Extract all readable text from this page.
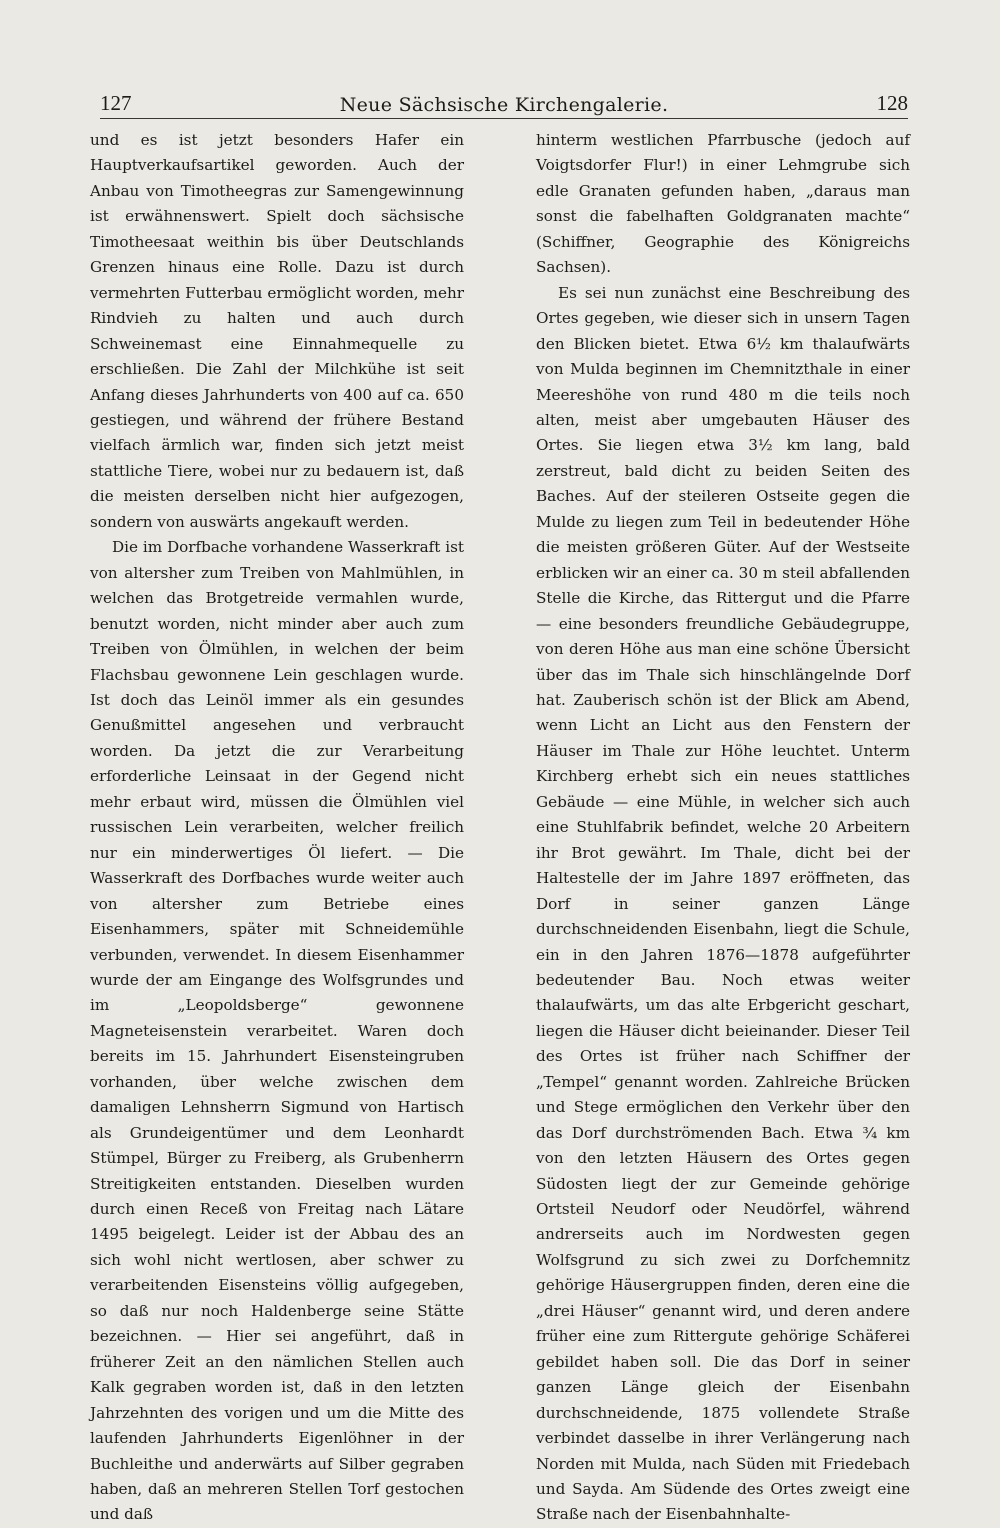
127	Neue Sächsische Kirchengalerie.	128

und es ist jetzt besonders Hafer ein Hauptverkaufsartikel geworden. Auch der Anbau von Timotheegras zur Samengewinnung ist erwähnenswert. Spielt doch sächsische Timotheesaat weithin bis über Deutschlands Grenzen hinaus eine Rolle. Dazu ist durch vermehrten Futterbau ermöglicht worden, mehr Rindvieh zu halten und auch durch Schweinemast eine Einnahmequelle zu erschließen. Die Zahl der Milchkühe ist seit Anfang dieses Jahrhunderts von 400 auf ca. 650 gestiegen, und während der frühere Bestand vielfach ärmlich war, finden sich jetzt meist stattliche Tiere, wobei nur zu bedauern ist, daß die meisten derselben nicht hier aufgezogen, sondern von auswärts angekauft werden.

Die im Dorfbache vorhandene Wasserkraft ist von altersher zum Treiben von Mahlmühlen, in welchen das Brotgetreide vermahlen wurde, benutzt worden, nicht minder aber auch zum Treiben von Ölmühlen, in welchen der beim Flachsbau gewonnene Lein geschlagen wurde. Ist doch das Leinöl immer als ein gesundes Genußmittel angesehen und verbraucht worden. Da jetzt die zur Verarbeitung erforderliche Leinsaat in der Gegend nicht mehr erbaut wird, müssen die Ölmühlen viel russischen Lein verarbeiten, welcher freilich nur ein minderwertiges Öl liefert. — Die Wasserkraft des Dorfbaches wurde weiter auch von altersher zum Betriebe eines Eisenhammers, später mit Schneidemühle verbunden, verwendet. In diesem Eisenhammer wurde der am Eingange des Wolfsgrundes und im „Leopoldsberge“ gewonnene Magneteisenstein verarbeitet. Waren doch bereits im 15. Jahrhundert Eisensteingruben vorhanden, über welche zwischen dem damaligen Lehnsherrn Sigmund von Hartisch als Grundeigentümer und dem Leonhardt Stümpel, Bürger zu Freiberg, als Grubenherrn Streitigkeiten entstanden. Dieselben wurden durch einen Receß von Freitag nach Lätare 1495 beigelegt. Leider ist der Abbau des an sich wohl nicht wertlosen, aber schwer zu verarbeitenden Eisensteins völlig aufgegeben, so daß nur noch Haldenberge seine Stätte bezeichnen. — Hier sei angeführt, daß in früherer Zeit an den nämlichen Stellen auch Kalk gegraben worden ist, daß in den letzten Jahrzehnten des vorigen und um die Mitte des laufenden Jahrhunderts Eigenlöhner in der Buchleithe und anderwärts auf Silber gegraben haben, daß an mehreren Stellen Torf gestochen und daß

hinterm westlichen Pfarrbusche (jedoch auf Voigtsdorfer Flur!) in einer Lehmgrube sich edle Granaten gefunden haben, „daraus man sonst die fabelhaften Goldgranaten machte“ (Schiffner, Geographie des Königreichs Sachsen).

Es sei nun zunächst eine Beschreibung des Ortes gegeben, wie dieser sich in unsern Tagen den Blicken bietet. Etwa 6½ km thalaufwärts von Mulda beginnen im Chemnitzthale in einer Meereshöhe von rund 480 m die teils noch alten, meist aber umgebauten Häuser des Ortes. Sie liegen etwa 3½ km lang, bald zerstreut, bald dicht zu beiden Seiten des Baches. Auf der steileren Ostseite gegen die Mulde zu liegen zum Teil in bedeutender Höhe die meisten größeren Güter. Auf der Westseite erblicken wir an einer ca. 30 m steil abfallenden Stelle die Kirche, das Rittergut und die Pfarre — eine besonders freundliche Gebäudegruppe, von deren Höhe aus man eine schöne Übersicht über das im Thale sich hinschlängelnde Dorf hat. Zauberisch schön ist der Blick am Abend, wenn Licht an Licht aus den Fenstern der Häuser im Thale zur Höhe leuchtet. Unterm Kirchberg erhebt sich ein neues stattliches Gebäude — eine Mühle, in welcher sich auch eine Stuhlfabrik befindet, welche 20 Arbeitern ihr Brot gewährt. Im Thale, dicht bei der Haltestelle der im Jahre 1897 eröffneten, das Dorf in seiner ganzen Länge durchschneidenden Eisenbahn, liegt die Schule, ein in den Jahren 1876—1878 aufgeführter bedeutender Bau. Noch etwas weiter thalaufwärts, um das alte Erbgericht geschart, liegen die Häuser dicht beieinander. Dieser Teil des Ortes ist früher nach Schiffner der „Tempel“ genannt worden. Zahlreiche Brücken und Stege ermöglichen den Verkehr über den das Dorf durchströmenden Bach. Etwa ¾ km von den letzten Häusern des Ortes gegen Südosten liegt der zur Gemeinde gehörige Ortsteil Neudorf oder Neudörfel, während andrerseits auch im Nordwesten gegen Wolfsgrund zu sich zwei zu Dorfchemnitz gehörige Häusergruppen finden, deren eine die „drei Häuser“ genannt wird, und deren andere früher eine zum Rittergute gehörige Schäferei gebildet haben soll. Die das Dorf in seiner ganzen Länge gleich der Eisenbahn durchschneidende, 1875 vollendete Straße verbindet dasselbe in ihrer Verlängerung nach Norden mit Mulda, nach Süden mit Friedebach und Sayda. Am Südende des Ortes zweigt eine Straße nach der Eisenbahnhalte-
